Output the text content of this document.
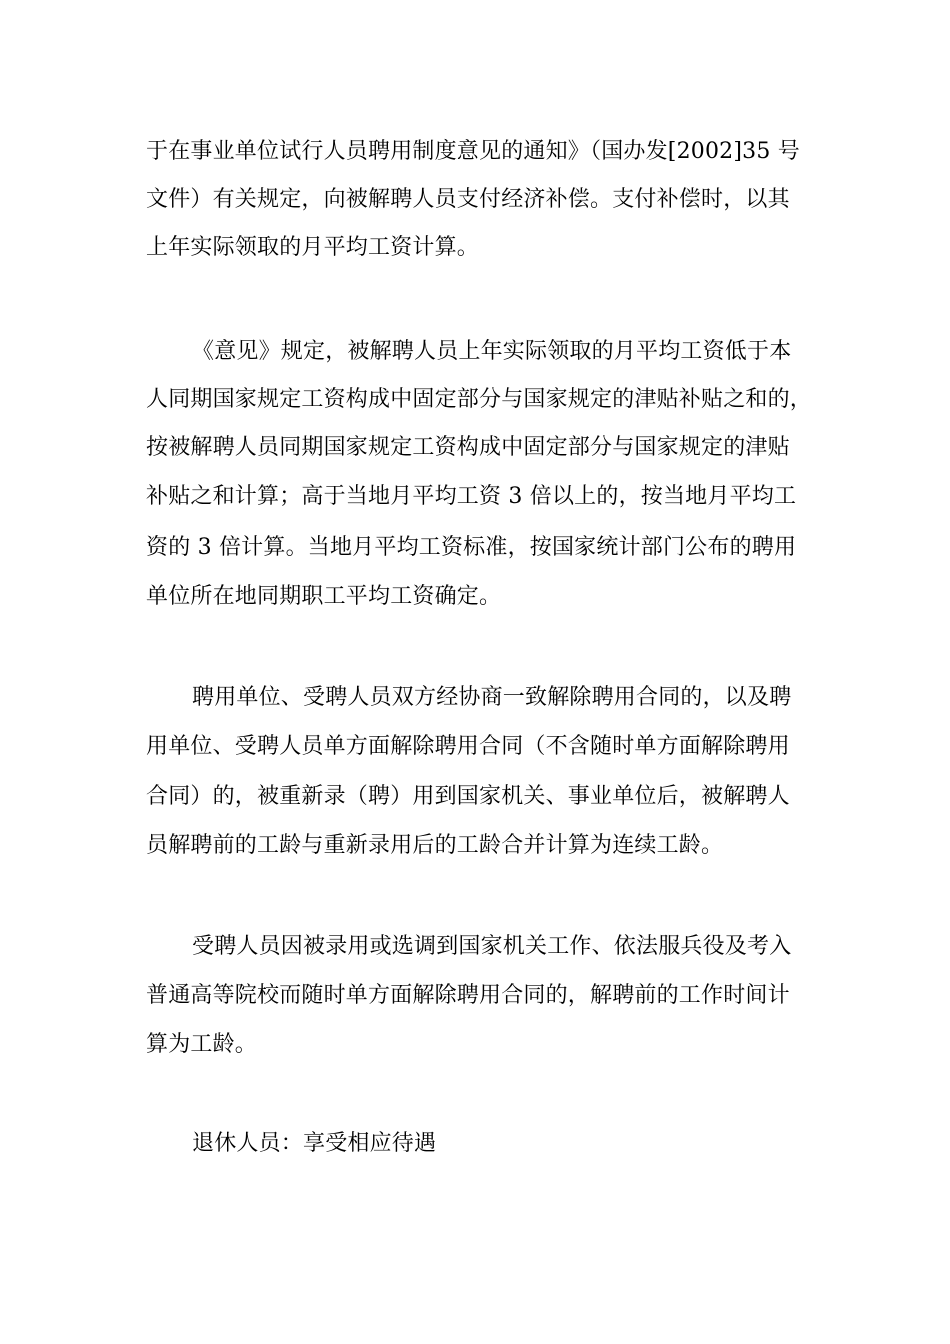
于在事业单位试行人员聘用制度意见的通知》（国办发[2002]35 号

文件）有关规定，向被解聘人员支付经济补偿。支付补偿时，以其

上年实际领取的月平均工资计算。

《意见》规定，被解聘人员上年实际领取的月平均工资低于本

人同期国家规定工资构成中固定部分与国家规定的津贴补贴之和的，

按被解聘人员同期国家规定工资构成中固定部分与国家规定的津贴

补贴之和计算；高于当地月平均工资 3 倍以上的，按当地月平均工

资的 3 倍计算。当地月平均工资标准，按国家统计部门公布的聘用

单位所在地同期职工平均工资确定。

聘用单位、受聘人员双方经协商一致解除聘用合同的，以及聘

用单位、受聘人员单方面解除聘用合同（不含随时单方面解除聘用

合同）的，被重新录（聘）用到国家机关、事业单位后，被解聘人

员解聘前的工龄与重新录用后的工龄合并计算为连续工龄。

受聘人员因被录用或选调到国家机关工作、依法服兵役及考入

普通高等院校而随时单方面解除聘用合同的，解聘前的工作时间计

算为工龄。

退休人员：享受相应待遇
